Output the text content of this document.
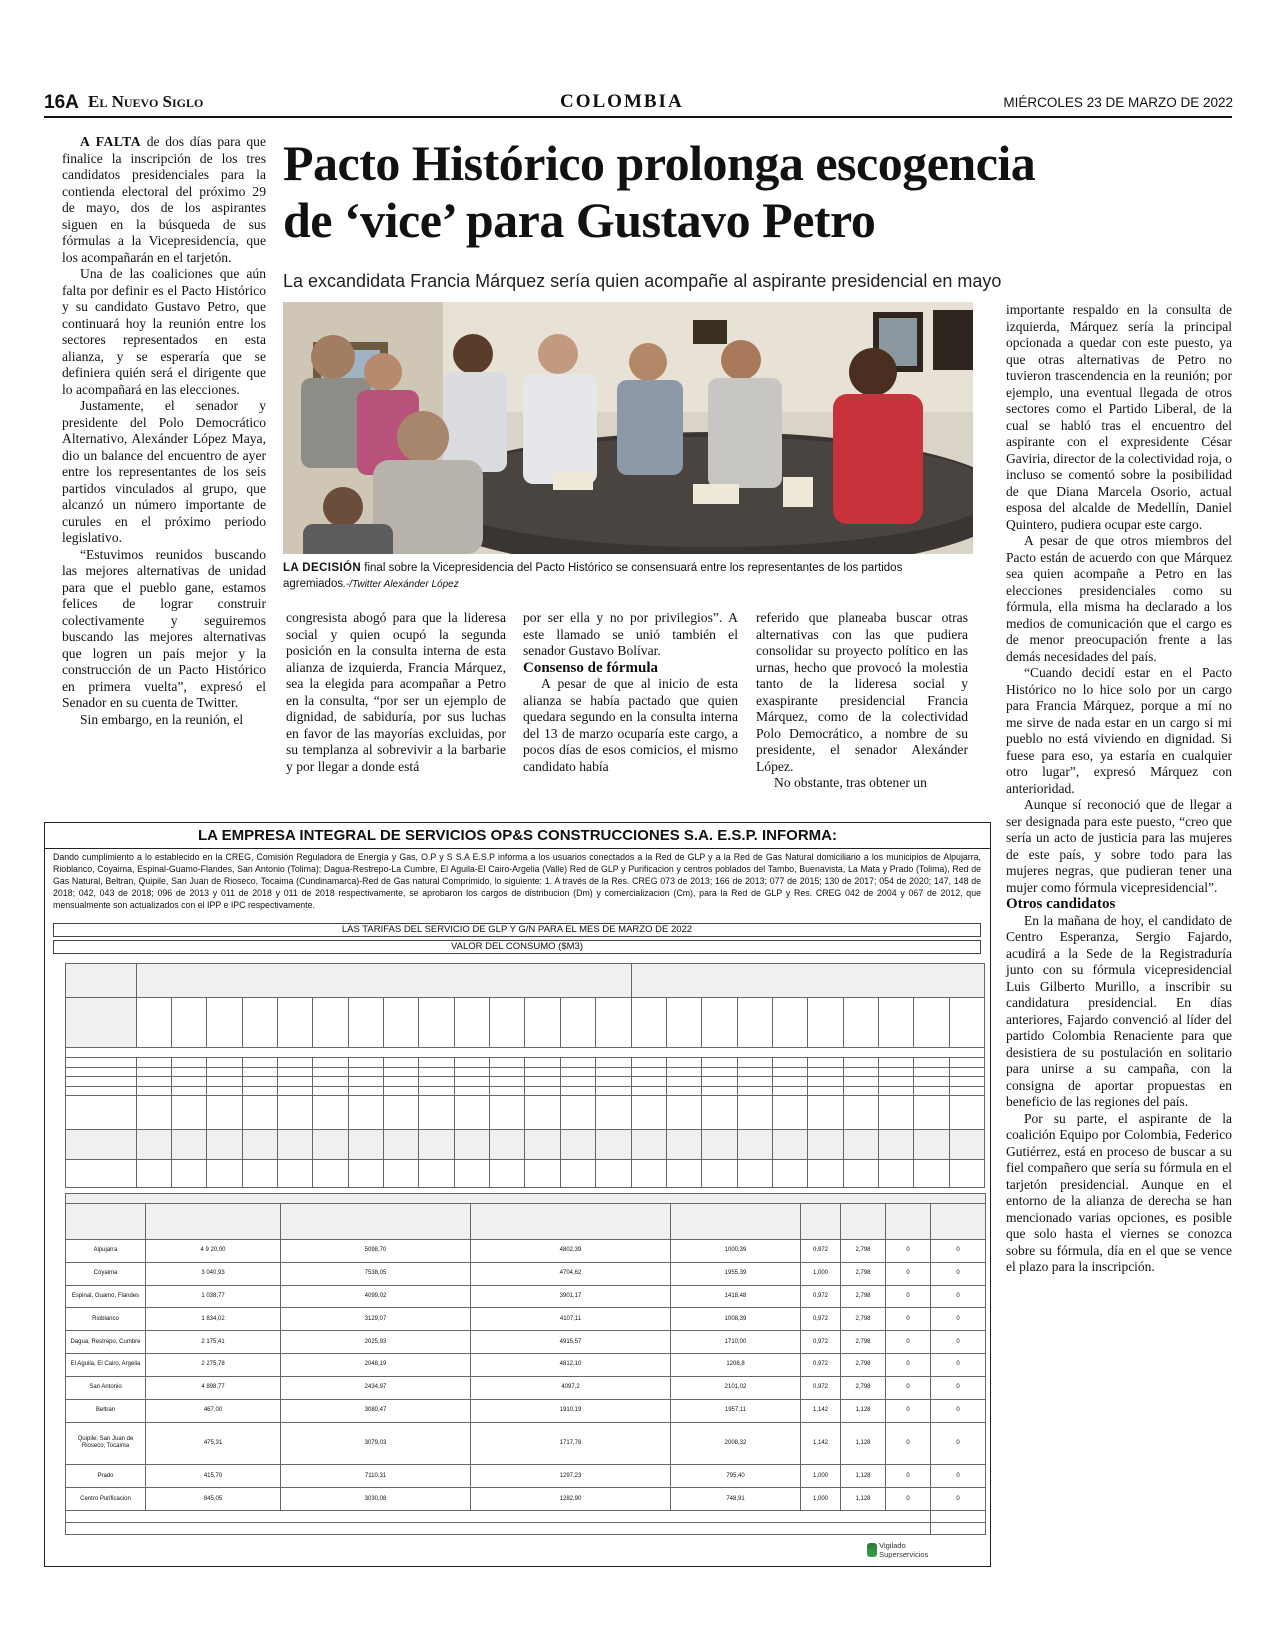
16A El Nuevo Siglo	COLOMBIA	MIÉRCOLES 23 DE MARZO DE 2022

A FALTA de dos días para que finalice la inscripción de los tres candidatos presidenciales para la contienda electoral del próximo 29 de mayo, dos de los aspirantes siguen en la búsqueda de sus fórmulas a la Vicepresidencia, que los acompañarán en el tarjetón.

Una de las coaliciones que aún falta por definir es el Pacto Histórico y su candidato Gustavo Petro, que continuará hoy la reunión entre los sectores representados en esta alianza, y se esperaría que se definiera quién será el dirigente que lo acompañará en las elecciones.

Justamente, el senador y presidente del Polo Democrático Alternativo, Alexánder López Maya, dio un balance del encuentro de ayer entre los representantes de los seis partidos vinculados al grupo, que alcanzó un número importante de curules en el próximo periodo legislativo.

“Estuvimos reunidos buscando las mejores alternativas de unidad para que el pueblo gane, estamos felices de lograr construir colectivamente y seguiremos buscando las mejores alternativas que logren un país mejor y la construcción de un Pacto Histórico en primera vuelta”, expresó el Senador en su cuenta de Twitter.

Sin embargo, en la reunión, el

Pacto Histórico prolonga escogencia
de ‘vice’ para Gustavo Petro
La excandidata Francia Márquez sería quien acompañe al aspirante presidencial en mayo
LA DECISIÓN final sobre la Vicepresidencia del Pacto Histórico se consensuará entre los representantes de los partidos agremiados.-/Twitter Alexánder López

congresista abogó para que la lideresa social y quien ocupó la segunda posición en la consulta interna de esta alianza de izquierda, Francia Márquez, sea la elegida para acompañar a Petro en la consulta, “por ser un ejemplo de dignidad, de sabiduría, por sus luchas en favor de las mayorías excluidas, por su templanza al sobrevivir a la barbarie y por llegar a donde está

por ser ella y no por privilegios”. A este llamado se unió también el senador Gustavo Bolívar.

Consenso de fórmula

A pesar de que al inicio de esta alianza se había pactado que quien quedara segundo en la consulta interna del 13 de marzo ocuparía este cargo, a pocos días de esos comicios, el mismo candidato había

referido que planeaba buscar otras alternativas con las que pudiera consolidar su proyecto político en las urnas, hecho que provocó la molestia tanto de la lideresa social y exaspirante presidencial Francia Márquez, como de la colectividad Polo Democrático, a nombre de su presidente, el senador Alexánder López.

No obstante, tras obtener un

importante respaldo en la consulta de izquierda, Márquez sería la principal opcionada a quedar con este puesto, ya que otras alternativas de Petro no tuvieron trascendencia en la reunión; por ejemplo, una eventual llegada de otros sectores como el Partido Liberal, de la cual se habló tras el encuentro del aspirante con el expresidente César Gaviria, director de la colectividad roja, o incluso se comentó sobre la posibilidad de que Diana Marcela Osorio, actual esposa del alcalde de Medellín, Daniel Quintero, pudiera ocupar este cargo.

A pesar de que otros miembros del Pacto están de acuerdo con que Márquez sea quien acompañe a Petro en las elecciones presidenciales como su fórmula, ella misma ha declarado a los medios de comunicación que el cargo es de menor preocupación frente a las demás necesidades del país.

“Cuando decidí estar en el Pacto Histórico no lo hice solo por un cargo para Francia Márquez, porque a mí no me sirve de nada estar en un cargo si mi pueblo no está viviendo en dignidad. Si fuese para eso, ya estaría en cualquier otro lugar”, expresó Márquez con anterioridad.

Aunque sí reconoció que de llegar a ser designada para este puesto, “creo que sería un acto de justicia para las mujeres de este país, y sobre todo para las mujeres negras, que pudieran tener una mujer como fórmula vicepresidencial”.

Otros candidatos

En la mañana de hoy, el candidato de Centro Esperanza, Sergio Fajardo, acudirá a la Sede de la Registraduría junto con su fórmula vicepresidencial Luis Gilberto Murillo, a inscribir su candidatura presidencial. En días anteriores, Fajardo convenció al líder del partido Colombia Renaciente para que desistiera de su postulación en solitario para unirse a su campaña, con la consigna de aportar propuestas en beneficio de las regiones del país.

Por su parte, el aspirante de la coalición Equipo por Colombia, Federico Gutiérrez, está en proceso de buscar a su fiel compañero que sería su fórmula en el tarjetón presidencial. Aunque en el entorno de la alianza de derecha se han mencionado varias opciones, es posible que solo hasta el viernes se conozca sobre su fórmula, día en el que se vence el plazo para la inscripción.

LA EMPRESA INTEGRAL DE SERVICIOS OP&S CONSTRUCCIONES S.A. E.S.P. INFORMA:
Dando cumplimiento a lo establecido en la CREG, Comisión Reguladora de Energía y Gas, O.P y S S.A E.S.P informa a los usuarios conectados a la Red de GLP y a la Red de Gas Natural domiciliario a los municipios de Alpujarra, Rioblanco, Coyaima, Espinal-Guamo-Flandes, San Antonio (Tolima); Dagua-Restrepo-La Cumbre, El Aguila-El Cairo-Argelia (Valle) Red de GLP y Purificacion y centros poblados del Tambo, Buenavista, La Mata y Prado (Tolima), Red de Gas Natural, Beltran, Quipile, San Juan de Rioseco, Tocaima (Cundinamarca)-Red de Gas natural Comprimido, lo siguiente: 1. A través de la Res. CREG 073 de 2013; 166 de 2013; 077 de 2015; 130 de 2017; 054 de 2020; 147, 148 de 2018; 042, 043 de 2018; 096 de 2013 y 011 de 2018 y 011 de 2018 respectivamente, se aprobaron los cargos de distribucion (Dm) y comercializacion (Cm), para la Red de GLP y Res. CREG 042 de 2004 y 067 de 2012, que mensualmente son actualizados con el IPP e IPC respectivamente.
LAS TARIFAS DEL SERVICIO DE GLP Y G/N PARA EL MES DE MARZO DE 2022
VALOR DEL CONSUMO ($M3)

Alpujarra	4 9 20,00	5098,70	4802,39	1000,39	0,972	2,798	0	0
Coyaima	3 040,93	7538,05	4704,62	1955,39	1,000	2,798	0	0
Espinal, Guamo, Flandes	1 038,77	4099,02	3901,17	1418,48	0,972	2,798	0	0
Rioblanco	1 834,02	3129,07	4107,11	1008,39	0,972	2,798	0	0
Dagua, Restrepo, Cumbre	2 175,41	2025,93	4915,57	1710,00	0,972	2,798	0	0
El Aguila, El Cairo, Argelia	2 275,78	2048,19	4812,10	1208,8	0,972	2,798	0	0
San Antonio	4 898,77	2434,97	4097,2	2101,02	0,972	2,798	0	0
Beltran	467,00	3080,47	1910,19	1957,11	1,142	1,128	0	0
Quipile, San Juan de Rioseco, Tocaima	475,31	3079,03	1717,78	2008,32	1,142	1,128	0	0
Prado	415,70	7110,31	1297,23	795,40	1,000	1,128	0	0
Centro Purificacion	845,05	3030,08	1282,90	748,91	1,000	1,128	0	0

Vigilado Superservicios
